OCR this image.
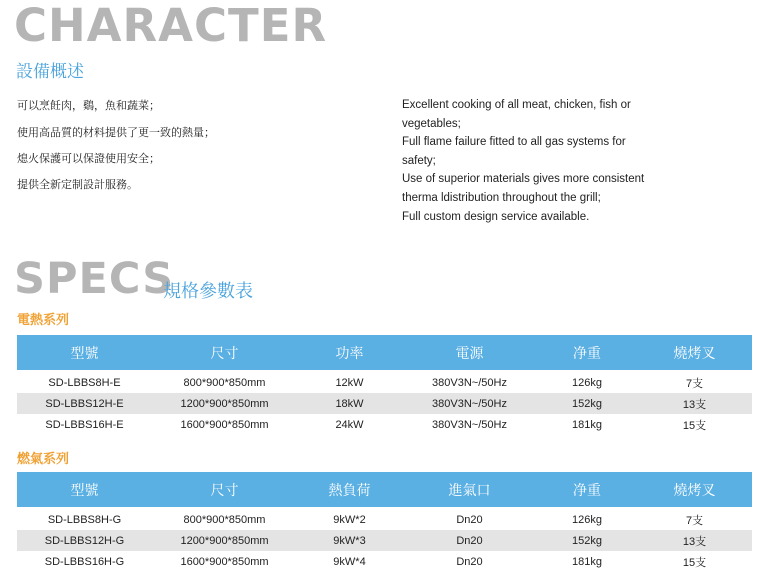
CHARACTER
設備概述
可以烹飪肉，鷄，魚和蔬菜；
使用高品質的材料提供了更一致的熱量；
熄火保護可以保證使用安全；
提供全新定制設計服務。
Excellent cooking of all meat, chicken, fish or
vegetables;
Full flame failure fitted to all gas systems for
safety;
Use of superior materials gives more consistent
therma ldistribution throughout the grill;
Full custom design service available.
SPECS
規格參數表
電熱系列
型號	尺寸	功率	電源	净重	燒烤叉

SD-LBBS8H-E	800*900*850mm	12kW	380V3N~/50Hz	126kg	7支
SD-LBBS12H-E	1200*900*850mm	18kW	380V3N~/50Hz	152kg	13支
SD-LBBS16H-E	1600*900*850mm	24kW	380V3N~/50Hz	181kg	15支
燃氣系列
型號	尺寸	熱負荷	進氣口	净重	燒烤叉

SD-LBBS8H-G	800*900*850mm	9kW*2	Dn20	126kg	7支
SD-LBBS12H-G	1200*900*850mm	9kW*3	Dn20	152kg	13支
SD-LBBS16H-G	1600*900*850mm	9kW*4	Dn20	181kg	15支
